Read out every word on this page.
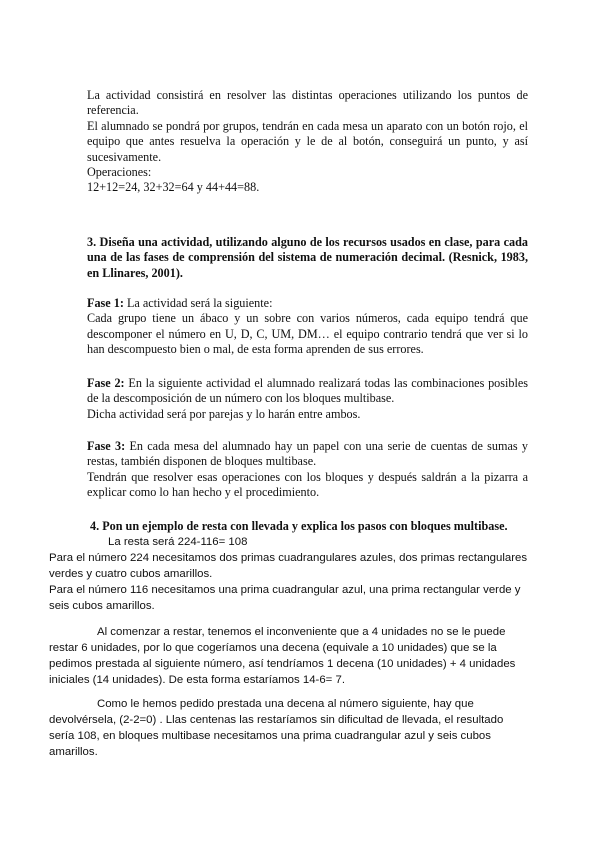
La actividad consistirá en resolver las distintas operaciones utilizando los puntos de referencia.

El alumnado se pondrá por grupos, tendrán en cada mesa un aparato con un botón rojo, el equipo que antes resuelva la operación y le de al botón, conseguirá un punto, y así sucesivamente.

Operaciones:

12+12=24, 32+32=64 y 44+44=88.

3. Diseña una actividad, utilizando alguno de los recursos usados en clase, para cada una de las fases de comprensión del sistema de numeración decimal. (Resnick, 1983, en Llinares, 2001).

Fase 1: La actividad será la siguiente:

Cada grupo tiene un ábaco y un sobre con varios números, cada equipo tendrá que descomponer el número en U, D, C, UM, DM… el equipo contrario tendrá que ver si lo han descompuesto bien o mal, de esta forma aprenden de sus errores.

Fase 2: En la siguiente actividad el alumnado realizará todas las combinaciones posibles de la descomposición de un número con los bloques multibase.

Dicha actividad será por parejas y lo harán entre ambos.

Fase 3: En cada mesa del alumnado hay un papel con una serie de cuentas de sumas y restas, también disponen de bloques multibase.

Tendrán que resolver esas operaciones con los bloques y después saldrán a la pizarra a explicar como lo han hecho y el procedimiento.

4. Pon un ejemplo de resta con llevada y explica los pasos con bloques multibase.

La resta será 224-116= 108

Para el número 224 necesitamos dos primas cuadrangulares azules, dos primas rectangulares verdes y cuatro cubos amarillos.

Para el número 116 necesitamos una prima cuadrangular azul, una prima rectangular verde y seis cubos amarillos.

Al comenzar a restar, tenemos el inconveniente que a 4 unidades no se le puede restar 6 unidades, por lo que cogeríamos una decena (equivale a 10 unidades) que se la pedimos prestada al siguiente número, así tendríamos 1 decena (10 unidades) + 4 unidades iniciales (14 unidades). De esta forma estaríamos 14-6= 7.

Como le hemos pedido prestada una decena al número siguiente, hay que devolvérsela, (2-2=0) . Llas centenas las restaríamos sin dificultad de llevada, el resultado sería 108, en bloques multibase necesitamos una prima cuadrangular azul y seis cubos amarillos.
